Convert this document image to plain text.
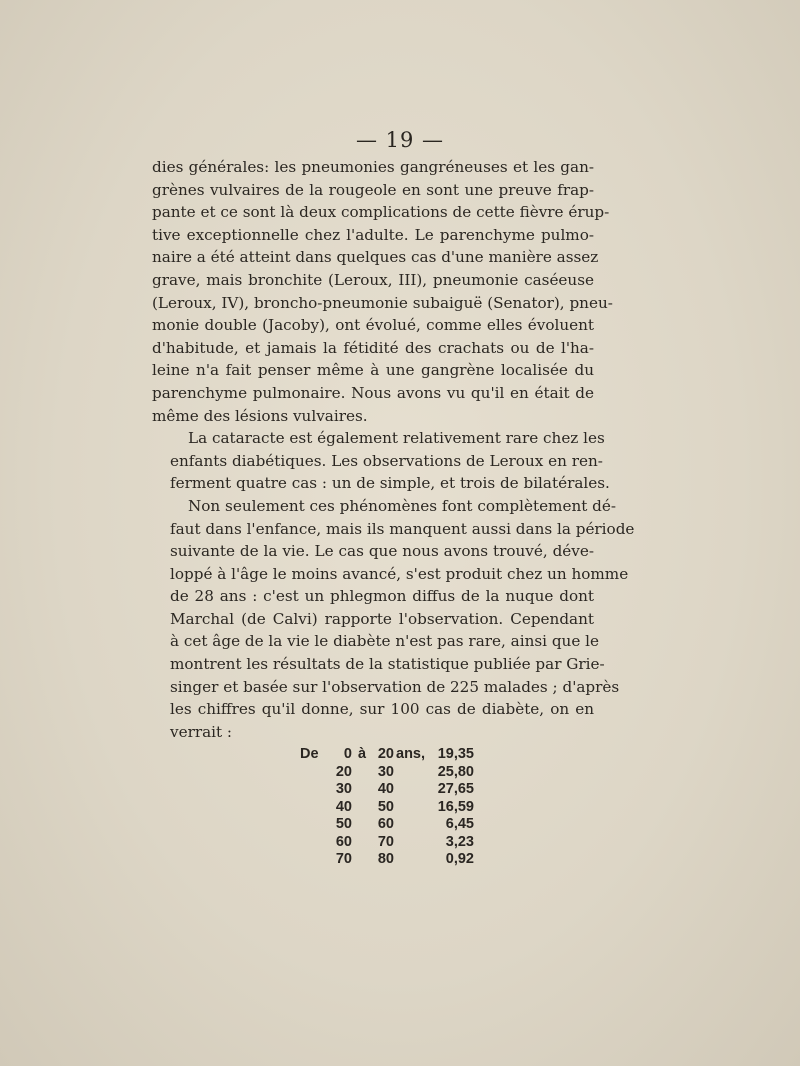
— 19 —

dies générales: les pneumonies gangréneuses et les gan-
grènes vulvaires de la rougeole en sont une preuve frap-
pante et ce sont là deux complications de cette fièvre érup-
tive exceptionnelle chez l'adulte. Le parenchyme pulmo-
naire a été atteint dans quelques cas d'une manière assez
grave, mais bronchite (Leroux, III), pneumonie caséeuse
(Leroux, IV), broncho-pneumonie subaiguë (Senator), pneu-
monie double (Jacoby), ont évolué, comme elles évoluent
d'habitude, et jamais la fétidité des crachats ou de l'ha-
leine n'a fait penser même à une gangrène localisée du
parenchyme pulmonaire. Nous avons vu qu'il en était de
même des lésions vulvaires.

La cataracte est également relativement rare chez les
enfants diabétiques. Les observations de Leroux en ren-
ferment quatre cas : un de simple, et trois de bilatérales.

Non seulement ces phénomènes font complètement dé-
faut dans l'enfance, mais ils manquent aussi dans la période
suivante de la vie. Le cas que nous avons trouvé, déve-
loppé à l'âge le moins avancé, s'est produit chez un homme
de 28 ans : c'est un phlegmon diffus de la nuque dont
Marchal (de Calvi) rapporte l'observation. Cependant
à cet âge de la vie le diabète n'est pas rare, ainsi que le
montrent les résultats de la statistique publiée par Grie-
singer et basée sur l'observation de 225 malades ; d'après
les chiffres qu'il donne, sur 100 cas de diabète, on en
verrait :

De	0	à	20	ans,	19,35
	20		30		25,80
	30		40		27,65
	40		50		16,59
	50		60		6,45
	60		70		3,23
	70		80		0,92
